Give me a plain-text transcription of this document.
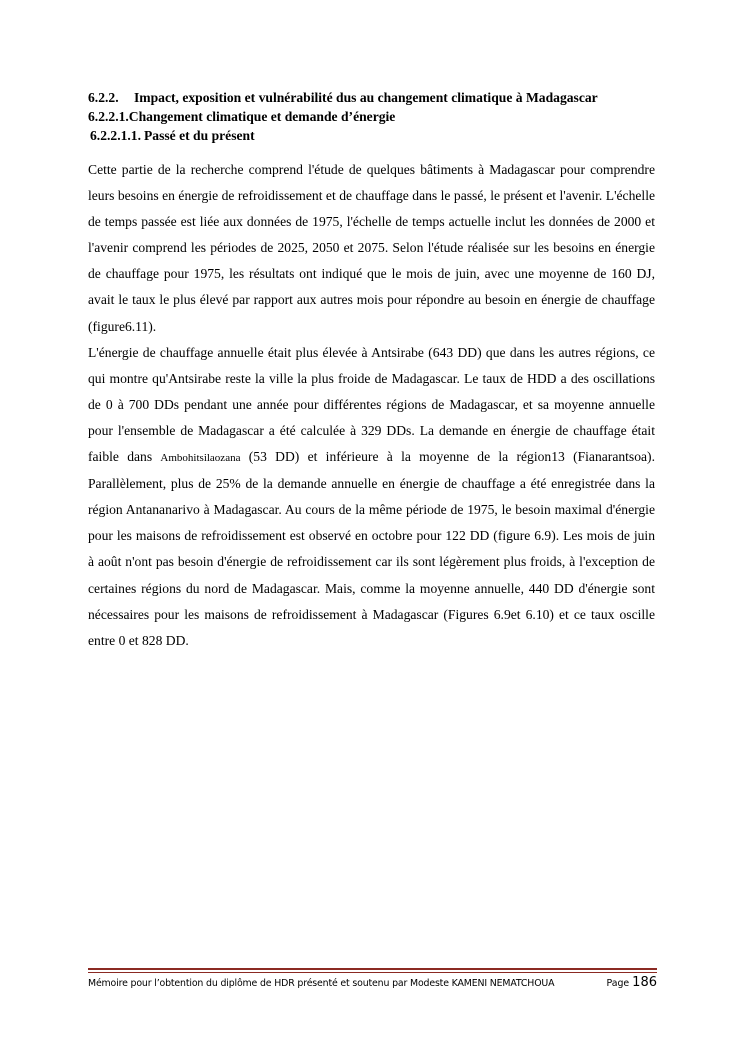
6.2.2. Impact, exposition et vulnérabilité dus au changement climatique à Madagascar
6.2.2.1.Changement climatique et demande d’énergie
6.2.2.1.1. Passé et du présent

Cette partie de la recherche comprend l'étude de quelques bâtiments à Madagascar pour comprendre leurs besoins en énergie de refroidissement et de chauffage dans le passé, le présent et l'avenir. L'échelle de temps passée est liée aux données de 1975, l'échelle de temps actuelle inclut les données de 2000 et l'avenir comprend les périodes de 2025, 2050 et 2075. Selon l'étude réalisée sur les besoins en énergie de chauffage pour 1975, les résultats ont indiqué que le mois de juin, avec une moyenne de 160 DJ, avait le taux le plus élevé par rapport aux autres mois pour répondre au besoin en énergie de chauffage (figure6.11).

L'énergie de chauffage annuelle était plus élevée à Antsirabe (643 DD) que dans les autres régions, ce qui montre qu'Antsirabe reste la ville la plus froide de Madagascar. Le taux de HDD a des oscillations de 0 à 700 DDs pendant une année pour différentes régions de Madagascar, et sa moyenne annuelle pour l'ensemble de Madagascar a été calculée à 329 DDs. La demande en énergie de chauffage était faible dans Ambohitsilaozana (53 DD) et inférieure à la moyenne de la région13 (Fianarantsoa). Parallèlement, plus de 25% de la demande annuelle en énergie de chauffage a été enregistrée dans la région Antananarivo à Madagascar. Au cours de la même période de 1975, le besoin maximal d'énergie pour les maisons de refroidissement est observé en octobre pour 122 DD (figure 6.9). Les mois de juin à août n'ont pas besoin d'énergie de refroidissement car ils sont légèrement plus froids, à l'exception de certaines régions du nord de Madagascar. Mais, comme la moyenne annuelle, 440 DD d'énergie sont nécessaires pour les maisons de refroidissement à Madagascar (Figures 6.9et 6.10) et ce taux oscille entre 0 et 828 DD.

Mémoire pour l’obtention du diplôme de HDR présenté et soutenu par Modeste KAMENI NEMATCHOUA	Page 186
